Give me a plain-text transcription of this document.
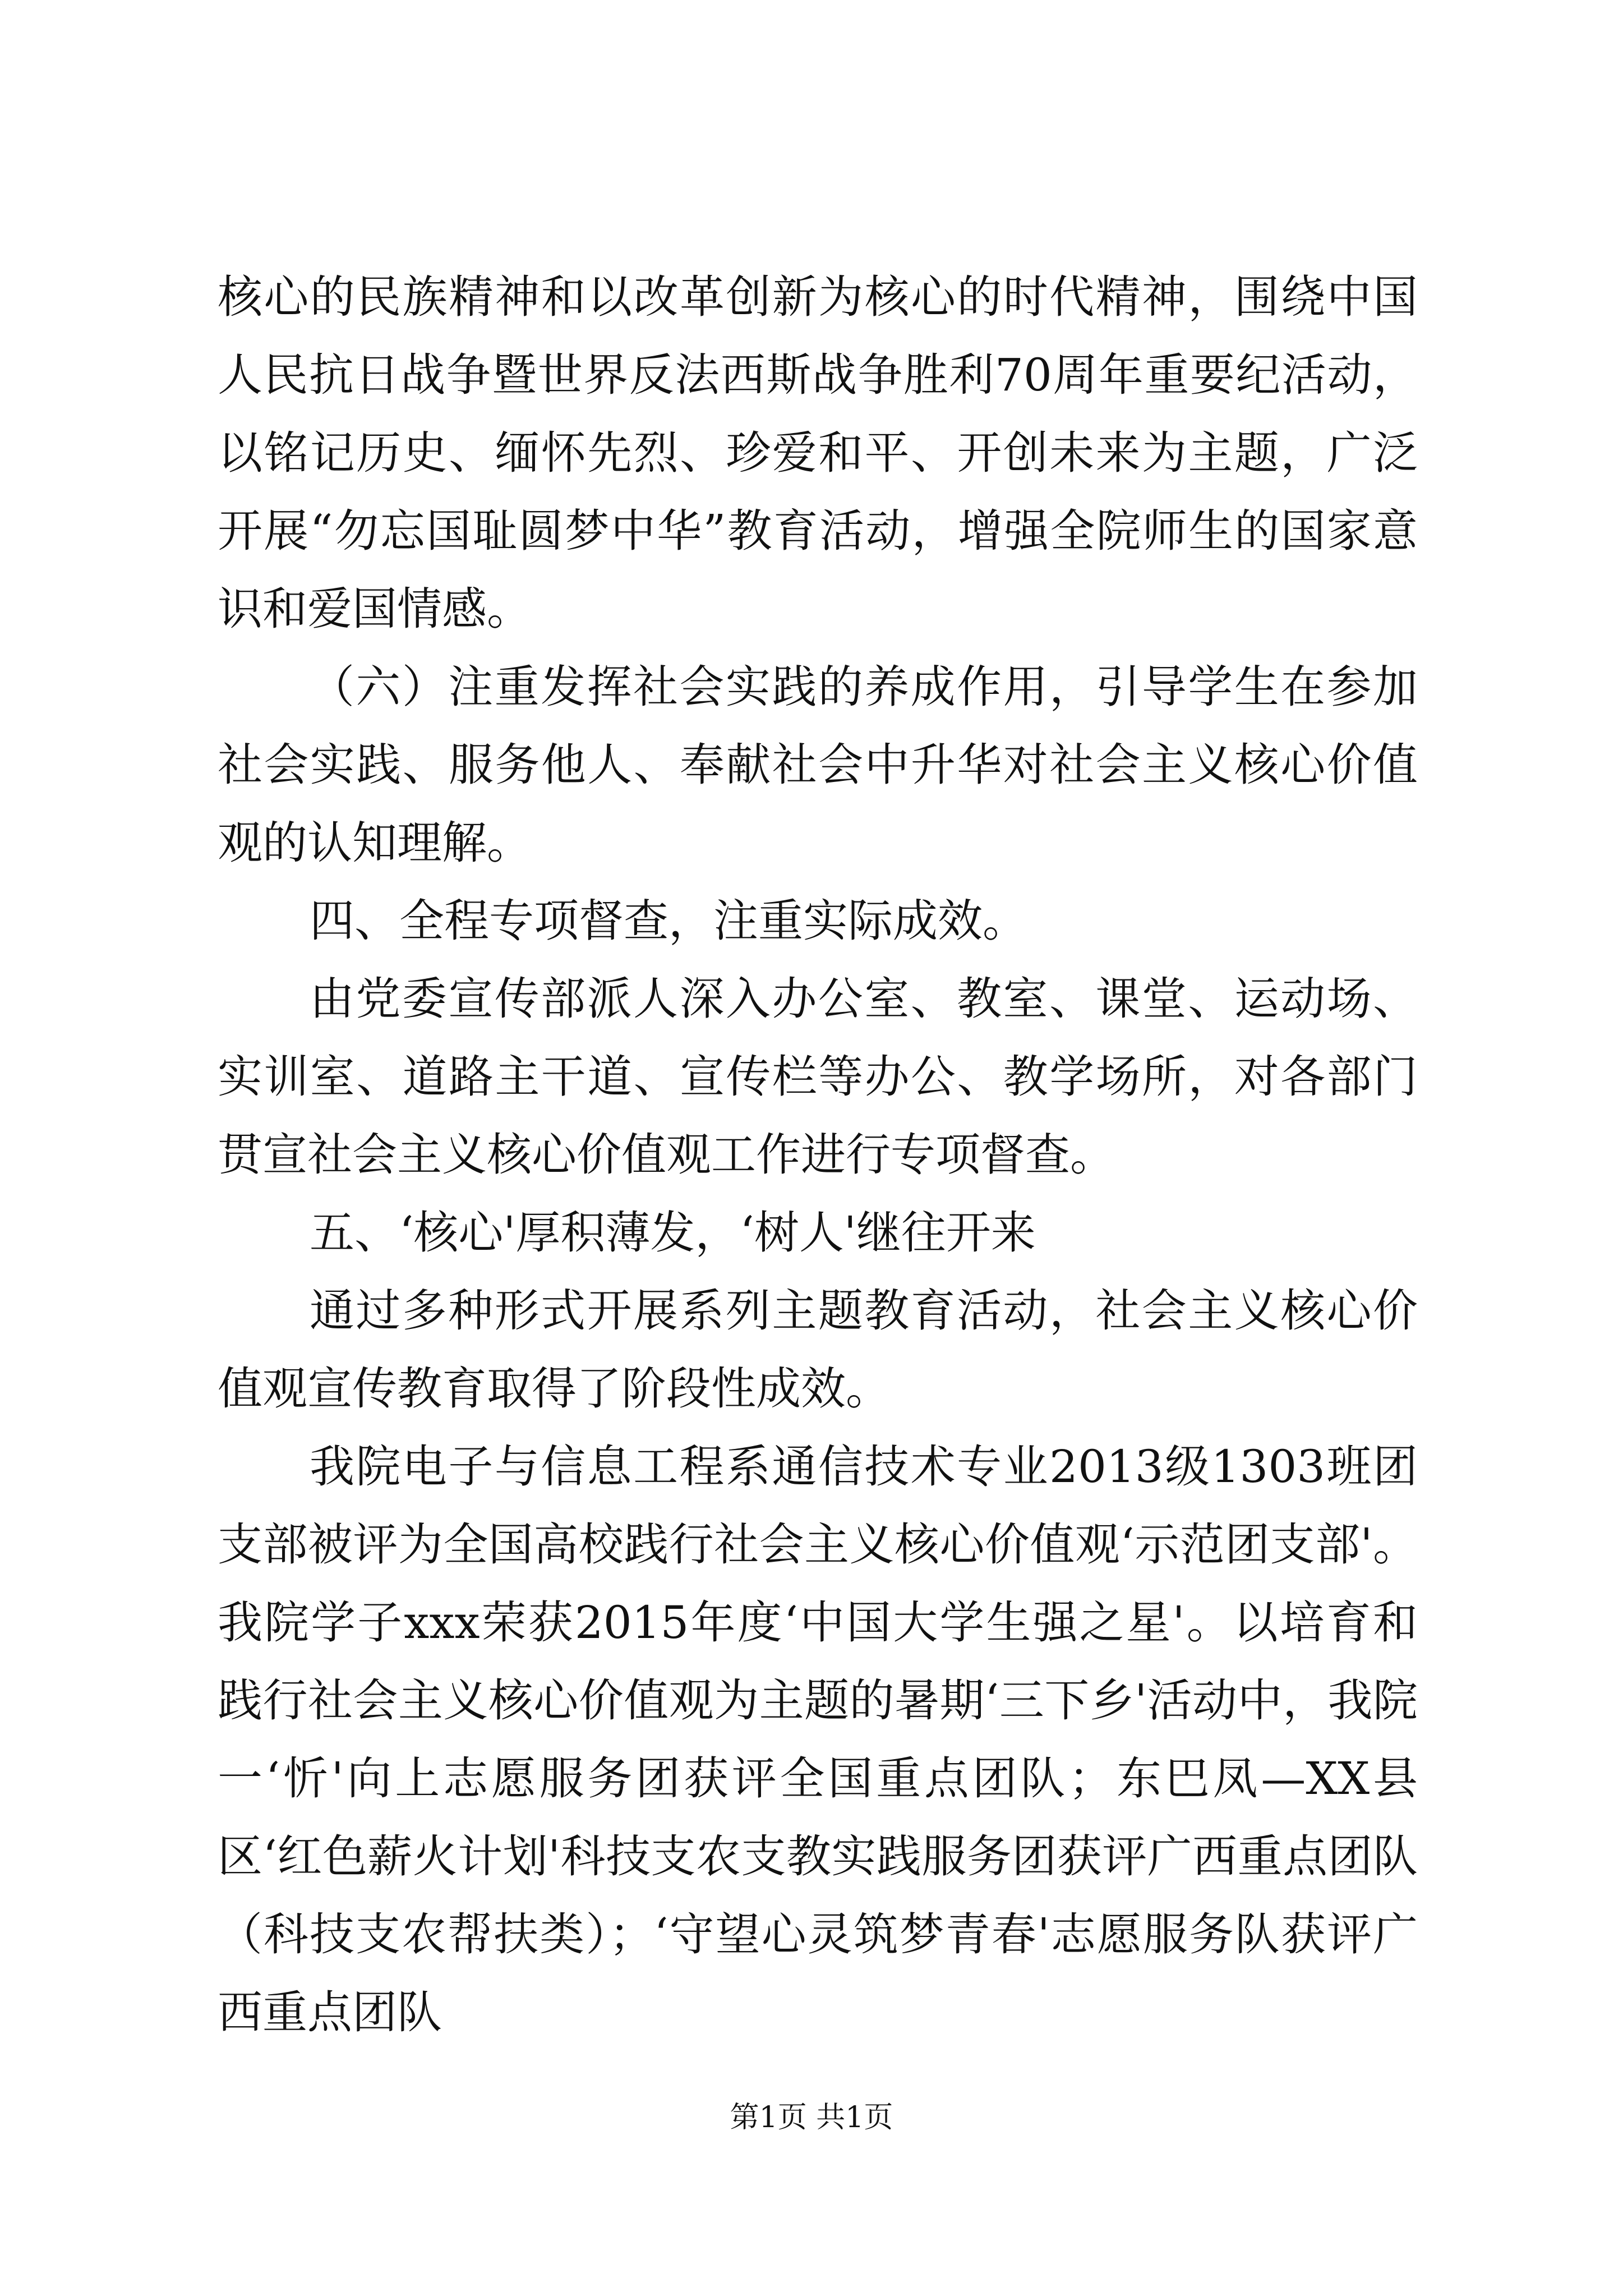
核心的民族精神和以改革创新为核心的时代精神，围绕中国人民抗日战争暨世界反法西斯战争胜利70周年重要纪活动，以铭记历史、缅怀先烈、珍爱和平、开创未来为主题，广泛开展“勿忘国耻圆梦中华”教育活动，增强全院师生的国家意识和爱国情感。

（六）注重发挥社会实践的养成作用，引导学生在参加社会实践、服务他人、奉献社会中升华对社会主义核心价值观的认知理解。

四、全程专项督查，注重实际成效。

由党委宣传部派人深入办公室、教室、课堂、运动场、实训室、道路主干道、宣传栏等办公、教学场所，对各部门贯宣社会主义核心价值观工作进行专项督查。

五、‘核心'厚积薄发，‘树人'继往开来

通过多种形式开展系列主题教育活动，社会主义核心价值观宣传教育取得了阶段性成效。

我院电子与信息工程系通信技术专业2013级1303班团支部被评为全国高校践行社会主义核心价值观‘示范团支部'。我院学子xxx荣获2015年度‘中国大学生强之星'。以培育和践行社会主义核心价值观为主题的暑期‘三下乡'活动中，我院一‘忻'向上志愿服务团获评全国重点团队；东巴凤—XX县区‘红色薪火计划'科技支农支教实践服务团获评广西重点团队（科技支农帮扶类）；‘守望心灵筑梦青春'志愿服务队获评广西重点团队

第1页 共1页
